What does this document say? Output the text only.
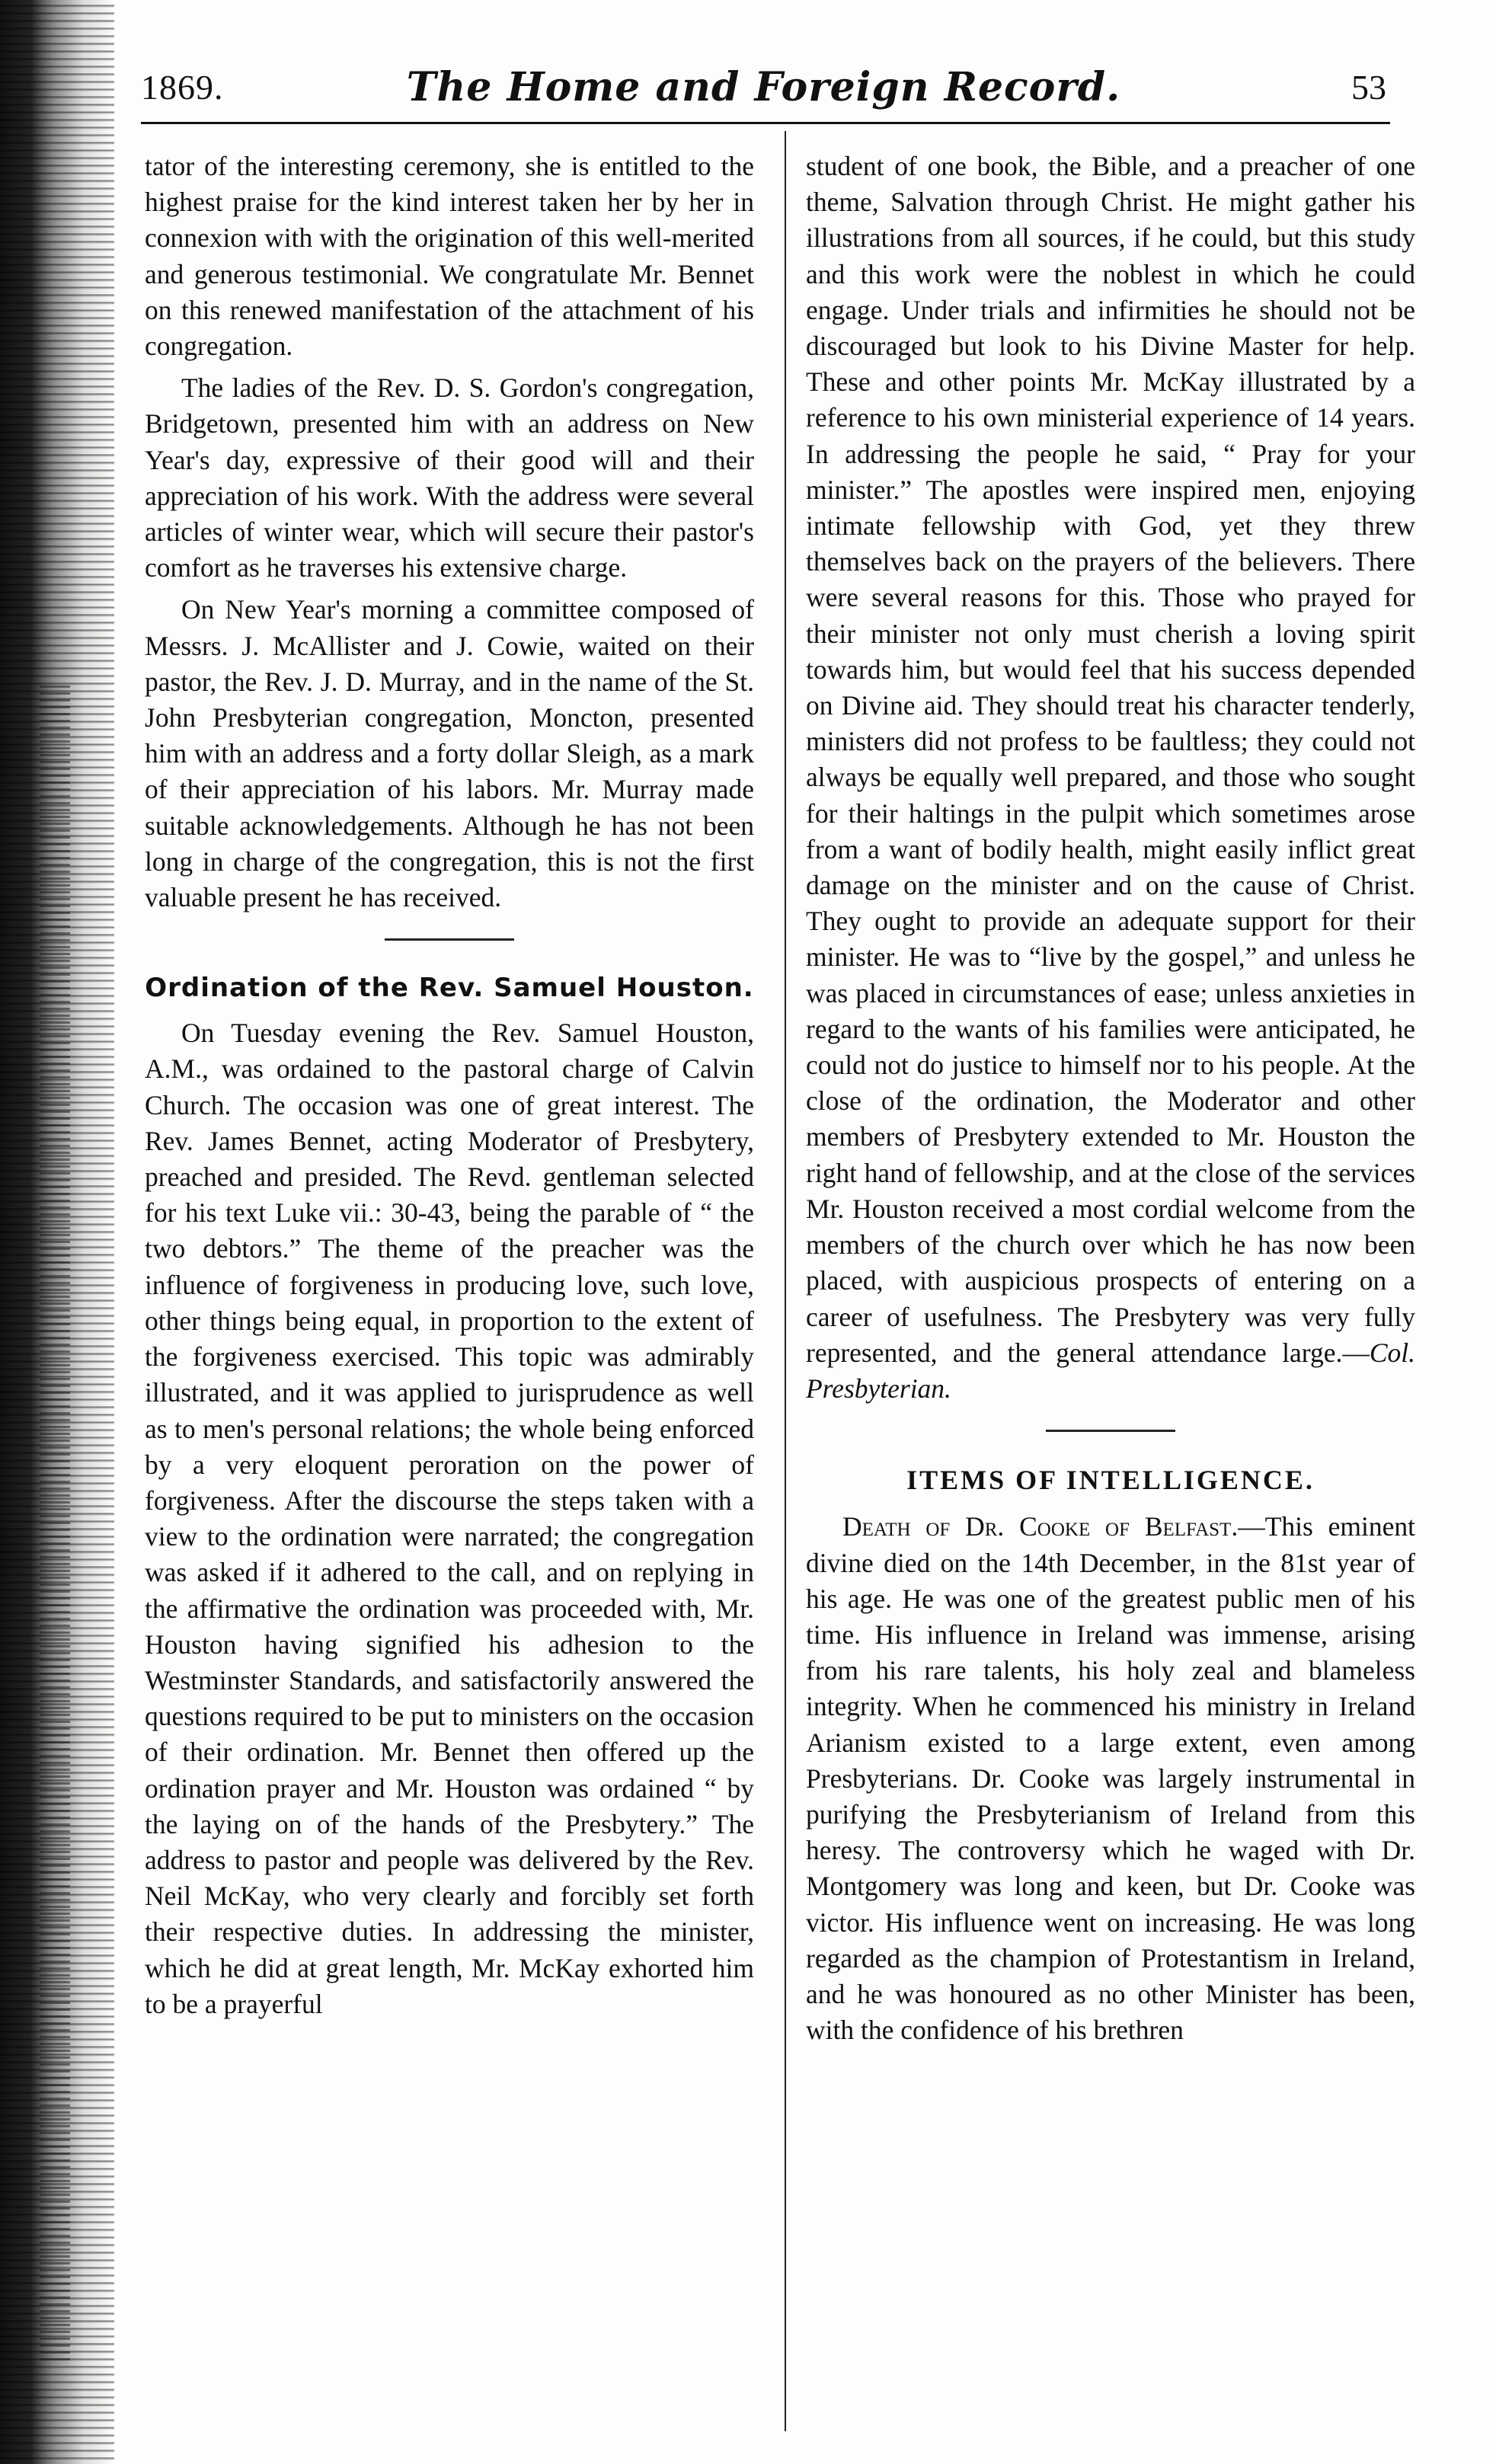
1869.	The Home and Foreign Record.	53

tator of the interesting ceremony, she is entitled to the highest praise for the kind interest taken her by her in connexion with with the origination of this well-merited and generous testimonial. We congratulate Mr. Bennet on this renewed manifestation of the attachment of his congregation.

The ladies of the Rev. D. S. Gordon's congregation, Bridgetown, presented him with an address on New Year's day, expressive of their good will and their appreciation of his work. With the address were several articles of winter wear, which will secure their pastor's comfort as he traverses his extensive charge.

On New Year's morning a committee composed of Messrs. J. McAllister and J. Cowie, waited on their pastor, the Rev. J. D. Murray, and in the name of the St. John Presbyterian congregation, Moncton, presented him with an address and a forty dollar Sleigh, as a mark of their appreciation of his labors. Mr. Murray made suitable acknowledgements. Although he has not been long in charge of the congregation, this is not the first valuable present he has received.

Ordination of the Rev. Samuel Houston.

On Tuesday evening the Rev. Samuel Houston, A.M., was ordained to the pastoral charge of Calvin Church. The occasion was one of great interest. The Rev. James Bennet, acting Moderator of Presbytery, preached and presided. The Revd. gentleman selected for his text Luke vii.: 30-43, being the parable of “ the two debtors.” The theme of the preacher was the influence of forgiveness in producing love, such love, other things being equal, in proportion to the extent of the forgiveness exercised. This topic was admirably illustrated, and it was applied to jurisprudence as well as to men's personal relations; the whole being enforced by a very eloquent peroration on the power of forgiveness. After the discourse the steps taken with a view to the ordination were narrated; the congregation was asked if it adhered to the call, and on replying in the affirmative the ordination was proceeded with, Mr. Houston having signified his adhesion to the Westminster Standards, and satisfactorily answered the questions required to be put to ministers on the occasion of their ordination. Mr. Bennet then offered up the ordination prayer and Mr. Houston was ordained “ by the laying on of the hands of the Presbytery.” The address to pastor and people was delivered by the Rev. Neil McKay, who very clearly and forcibly set forth their respective duties. In addressing the minister, which he did at great length, Mr. McKay exhorted him to be a prayerful

student of one book, the Bible, and a preacher of one theme, Salvation through Christ. He might gather his illustrations from all sources, if he could, but this study and this work were the noblest in which he could engage. Under trials and infirmities he should not be discouraged but look to his Divine Master for help. These and other points Mr. McKay illustrated by a reference to his own ministerial experience of 14 years. In addressing the people he said, “ Pray for your minister.” The apostles were inspired men, enjoying intimate fellowship with God, yet they threw themselves back on the prayers of the believers. There were several reasons for this. Those who prayed for their minister not only must cherish a loving spirit towards him, but would feel that his success depended on Divine aid. They should treat his character tenderly, ministers did not profess to be faultless; they could not always be equally well prepared, and those who sought for their haltings in the pulpit which sometimes arose from a want of bodily health, might easily inflict great damage on the minister and on the cause of Christ. They ought to provide an adequate support for their minister. He was to “live by the gospel,” and unless he was placed in circumstances of ease; unless anxieties in regard to the wants of his families were anticipated, he could not do justice to himself nor to his people. At the close of the ordination, the Moderator and other members of Presbytery extended to Mr. Houston the right hand of fellowship, and at the close of the services Mr. Houston received a most cordial welcome from the members of the church over which he has now been placed, with auspicious prospects of entering on a career of usefulness. The Presbytery was very fully represented, and the general attendance large.—Col. Presbyterian.

ITEMS OF INTELLIGENCE.

Death of Dr. Cooke of Belfast.—This eminent divine died on the 14th December, in the 81st year of his age. He was one of the greatest public men of his time. His influence in Ireland was immense, arising from his rare talents, his holy zeal and blameless integrity. When he commenced his ministry in Ireland Arianism existed to a large extent, even among Presbyterians. Dr. Cooke was largely instrumental in purifying the Presbyterianism of Ireland from this heresy. The controversy which he waged with Dr. Montgomery was long and keen, but Dr. Cooke was victor. His influence went on increasing. He was long regarded as the champion of Protestantism in Ireland, and he was honoured as no other Minister has been, with the confidence of his brethren
